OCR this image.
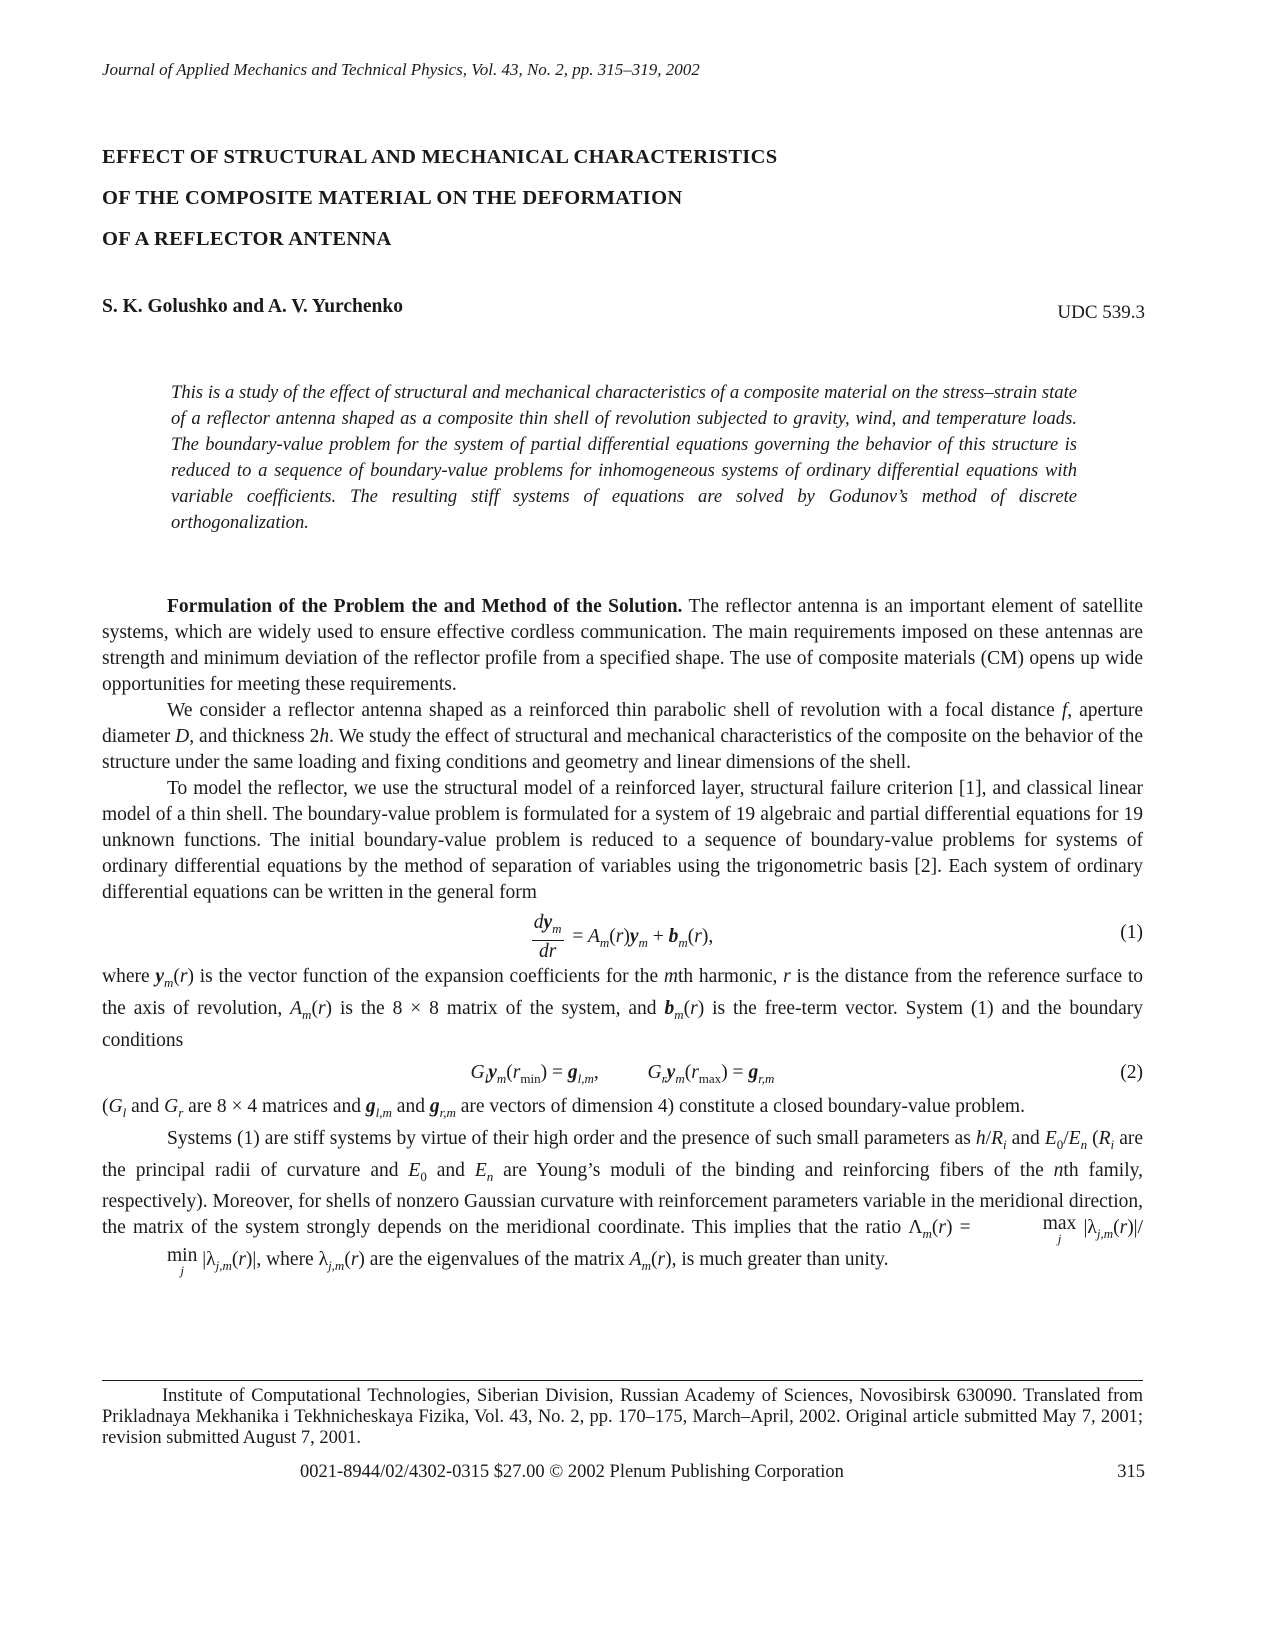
Journal of Applied Mechanics and Technical Physics, Vol. 43, No. 2, pp. 315–319, 2002
EFFECT OF STRUCTURAL AND MECHANICAL CHARACTERISTICS
OF THE COMPOSITE MATERIAL ON THE DEFORMATION
OF A REFLECTOR ANTENNA
S. K. Golushko and A. V. Yurchenko	UDC 539.3
This is a study of the effect of structural and mechanical characteristics of a composite material on the stress–strain state of a reflector antenna shaped as a composite thin shell of revolution subjected to gravity, wind, and temperature loads. The boundary-value problem for the system of partial differential equations governing the behavior of this structure is reduced to a sequence of boundary-value problems for inhomogeneous systems of ordinary differential equations with variable coefficients. The resulting stiff systems of equations are solved by Godunov’s method of discrete orthogonalization.

Formulation of the Problem the and Method of the Solution. The reflector antenna is an important element of satellite systems, which are widely used to ensure effective cordless communication. The main requirements imposed on these antennas are strength and minimum deviation of the reflector profile from a specified shape. The use of composite materials (CM) opens up wide opportunities for meeting these requirements.

We consider a reflector antenna shaped as a reinforced thin parabolic shell of revolution with a focal distance f, aperture diameter D, and thickness 2h. We study the effect of structural and mechanical characteristics of the composite on the behavior of the structure under the same loading and fixing conditions and geometry and linear dimensions of the shell.

To model the reflector, we use the structural model of a reinforced layer, structural failure criterion [1], and classical linear model of a thin shell. The boundary-value problem is formulated for a system of 19 algebraic and partial differential equations for 19 unknown functions. The initial boundary-value problem is reduced to a sequence of boundary-value problems for systems of ordinary differential equations by the method of separation of variables using the trigonometric basis [2]. Each system of ordinary differential equations can be written in the general form

$\frac{dy_m}{dr} = A_m(r)y_m + b_m(r)$,	(1)

where $y_m(r)$ is the vector function of the expansion coefficients for the mth harmonic, r is the distance from the reference surface to the axis of revolution, $A_m(r)$ is the 8 × 8 matrix of the system, and $b_m(r)$ is the free-term vector. System (1) and the boundary conditions

$G_ly_m(r_{min}) = g_{l,m}$,	$G_ry_m(r_{max}) = g_{r,m}$	(2)

($G_l$ and $G_r$ are 8 × 4 matrices and $g_{l,m}$ and $g_{r,m}$ are vectors of dimension 4) constitute a closed boundary-value problem.

Systems (1) are stiff systems by virtue of their high order and the presence of such small parameters as $h/R_i$ and $E_0/E_n$ ($R_i$ are the principal radii of curvature and $E_0$ and $E_n$ are Young’s moduli of the binding and reinforcing fibers of the nth family, respectively). Moreover, for shells of nonzero Gaussian curvature with reinforcement parameters variable in the meridional direction, the matrix of the system strongly depends on the meridional coordinate. This implies that the ratio $\Lambda_m(r)$ =	max
j
$|\lambda_{j,m}(r)|/$ min
j
$|\lambda_{j,m}(r)|$, where $\lambda_{j,m}(r)$ are the eigenvalues of the matrix $A_m(r)$, is much greater than unity.

Institute of Computational Technologies, Siberian Division, Russian Academy of Sciences, Novosibirsk 630090. Translated from Prikladnaya Mekhanika i Tekhnicheskaya Fizika, Vol. 43, No. 2, pp. 170–175, March–April, 2002. Original article submitted May 7, 2001; revision submitted August 7, 2001.
0021-8944/02/4302-0315 $27.00 © 2002 Plenum Publishing Corporation	315
